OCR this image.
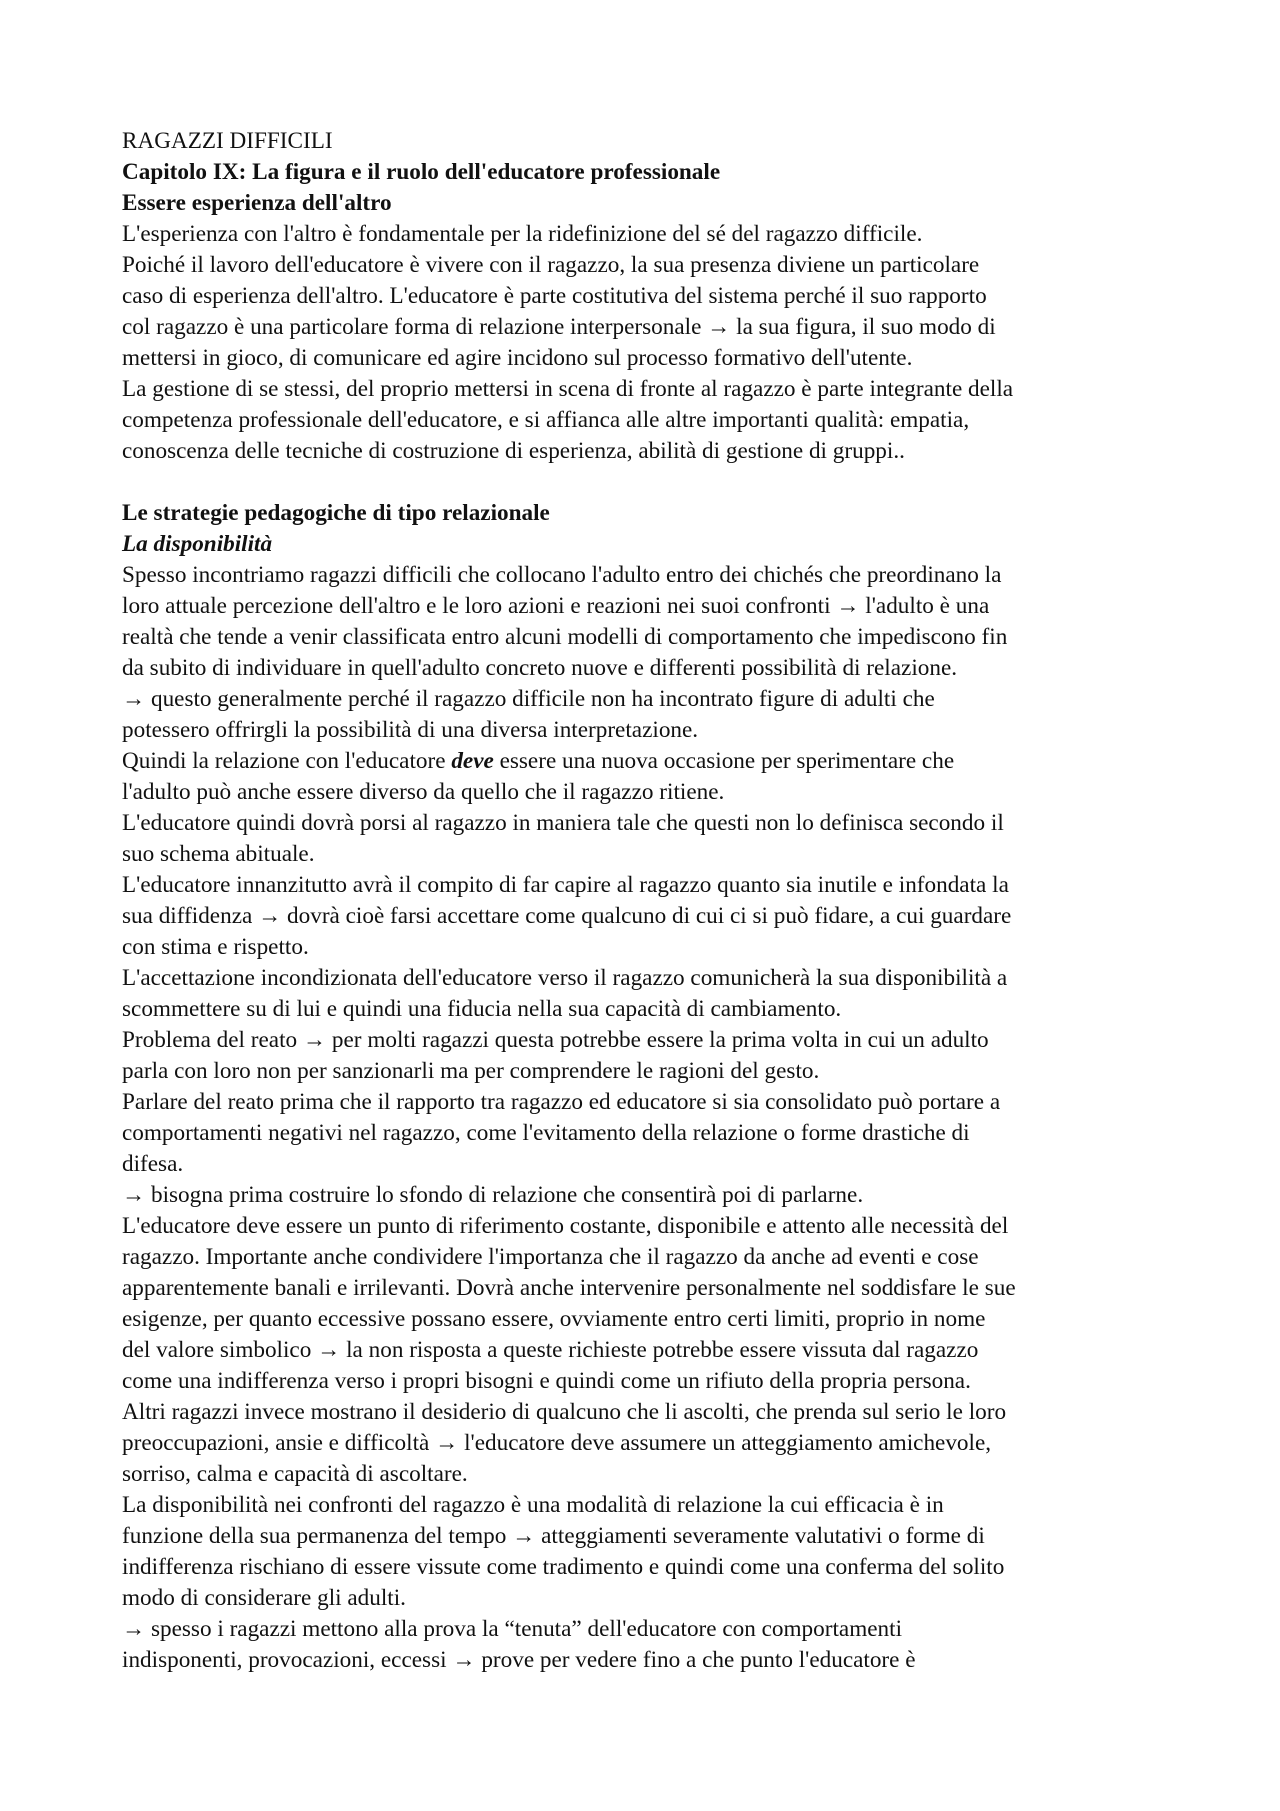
RAGAZZI DIFFICILI
Capitolo IX: La figura e il ruolo dell'educatore professionale
Essere esperienza dell'altro
L'esperienza con l'altro è fondamentale per la ridefinizione del sé del ragazzo difficile.
Poiché il lavoro dell'educatore è vivere con il ragazzo, la sua presenza diviene un particolare
caso di esperienza dell'altro. L'educatore è parte costitutiva del sistema perché il suo rapporto
col ragazzo è una particolare forma di relazione interpersonale → la sua figura, il suo modo di
mettersi in gioco, di comunicare ed agire incidono sul processo formativo dell'utente.
La gestione di se stessi, del proprio mettersi in scena di fronte al ragazzo è parte integrante della
competenza professionale dell'educatore, e si affianca alle altre importanti qualità: empatia,
conoscenza delle tecniche di costruzione di esperienza, abilità di gestione di gruppi..
Le strategie pedagogiche di tipo relazionale
La disponibilità
Spesso incontriamo ragazzi difficili che collocano l'adulto entro dei chichés che preordinano la
loro attuale percezione dell'altro e le loro azioni e reazioni nei suoi confronti → l'adulto è una
realtà che tende a venir classificata entro alcuni modelli di comportamento che impediscono fin
da subito di individuare in quell'adulto concreto nuove e differenti possibilità di relazione.
→ questo generalmente perché il ragazzo difficile non ha incontrato figure di adulti che
potessero offrirgli la possibilità di una diversa interpretazione.
Quindi la relazione con l'educatore deve essere una nuova occasione per sperimentare che
l'adulto può anche essere diverso da quello che il ragazzo ritiene.
L'educatore quindi dovrà porsi al ragazzo in maniera tale che questi non lo definisca secondo il
suo schema abituale.
L'educatore innanzitutto avrà il compito di far capire al ragazzo quanto sia inutile e infondata la
sua diffidenza → dovrà cioè farsi accettare come qualcuno di cui ci si può fidare, a cui guardare
con stima e rispetto.
L'accettazione incondizionata dell'educatore verso il ragazzo comunicherà la sua disponibilità a
scommettere su di lui e quindi una fiducia nella sua capacità di cambiamento.
Problema del reato → per molti ragazzi questa potrebbe essere la prima volta in cui un adulto
parla con loro non per sanzionarli ma per comprendere le ragioni del gesto.
Parlare del reato prima che il rapporto tra ragazzo ed educatore si sia consolidato può portare a
comportamenti negativi nel ragazzo, come l'evitamento della relazione o forme drastiche di
difesa.
→ bisogna prima costruire lo sfondo di relazione che consentirà poi di parlarne.
L'educatore deve essere un punto di riferimento costante, disponibile e attento alle necessità del
ragazzo. Importante anche condividere l'importanza che il ragazzo da anche ad eventi e cose
apparentemente banali e irrilevanti. Dovrà anche intervenire personalmente nel soddisfare le sue
esigenze, per quanto eccessive possano essere, ovviamente entro certi limiti, proprio in nome
del valore simbolico → la non risposta a queste richieste potrebbe essere vissuta dal ragazzo
come una indifferenza verso i propri bisogni e quindi come un rifiuto della propria persona.
Altri ragazzi invece mostrano il desiderio di qualcuno che li ascolti, che prenda sul serio le loro
preoccupazioni, ansie e difficoltà → l'educatore deve assumere un atteggiamento amichevole,
sorriso, calma e capacità di ascoltare.
La disponibilità nei confronti del ragazzo è una modalità di relazione la cui efficacia è in
funzione della sua permanenza del tempo → atteggiamenti severamente valutativi o forme di
indifferenza rischiano di essere vissute come tradimento e quindi come una conferma del solito
modo di considerare gli adulti.
→ spesso i ragazzi mettono alla prova la “tenuta” dell'educatore con comportamenti
indisponenti, provocazioni, eccessi → prove per vedere fino a che punto l'educatore è
